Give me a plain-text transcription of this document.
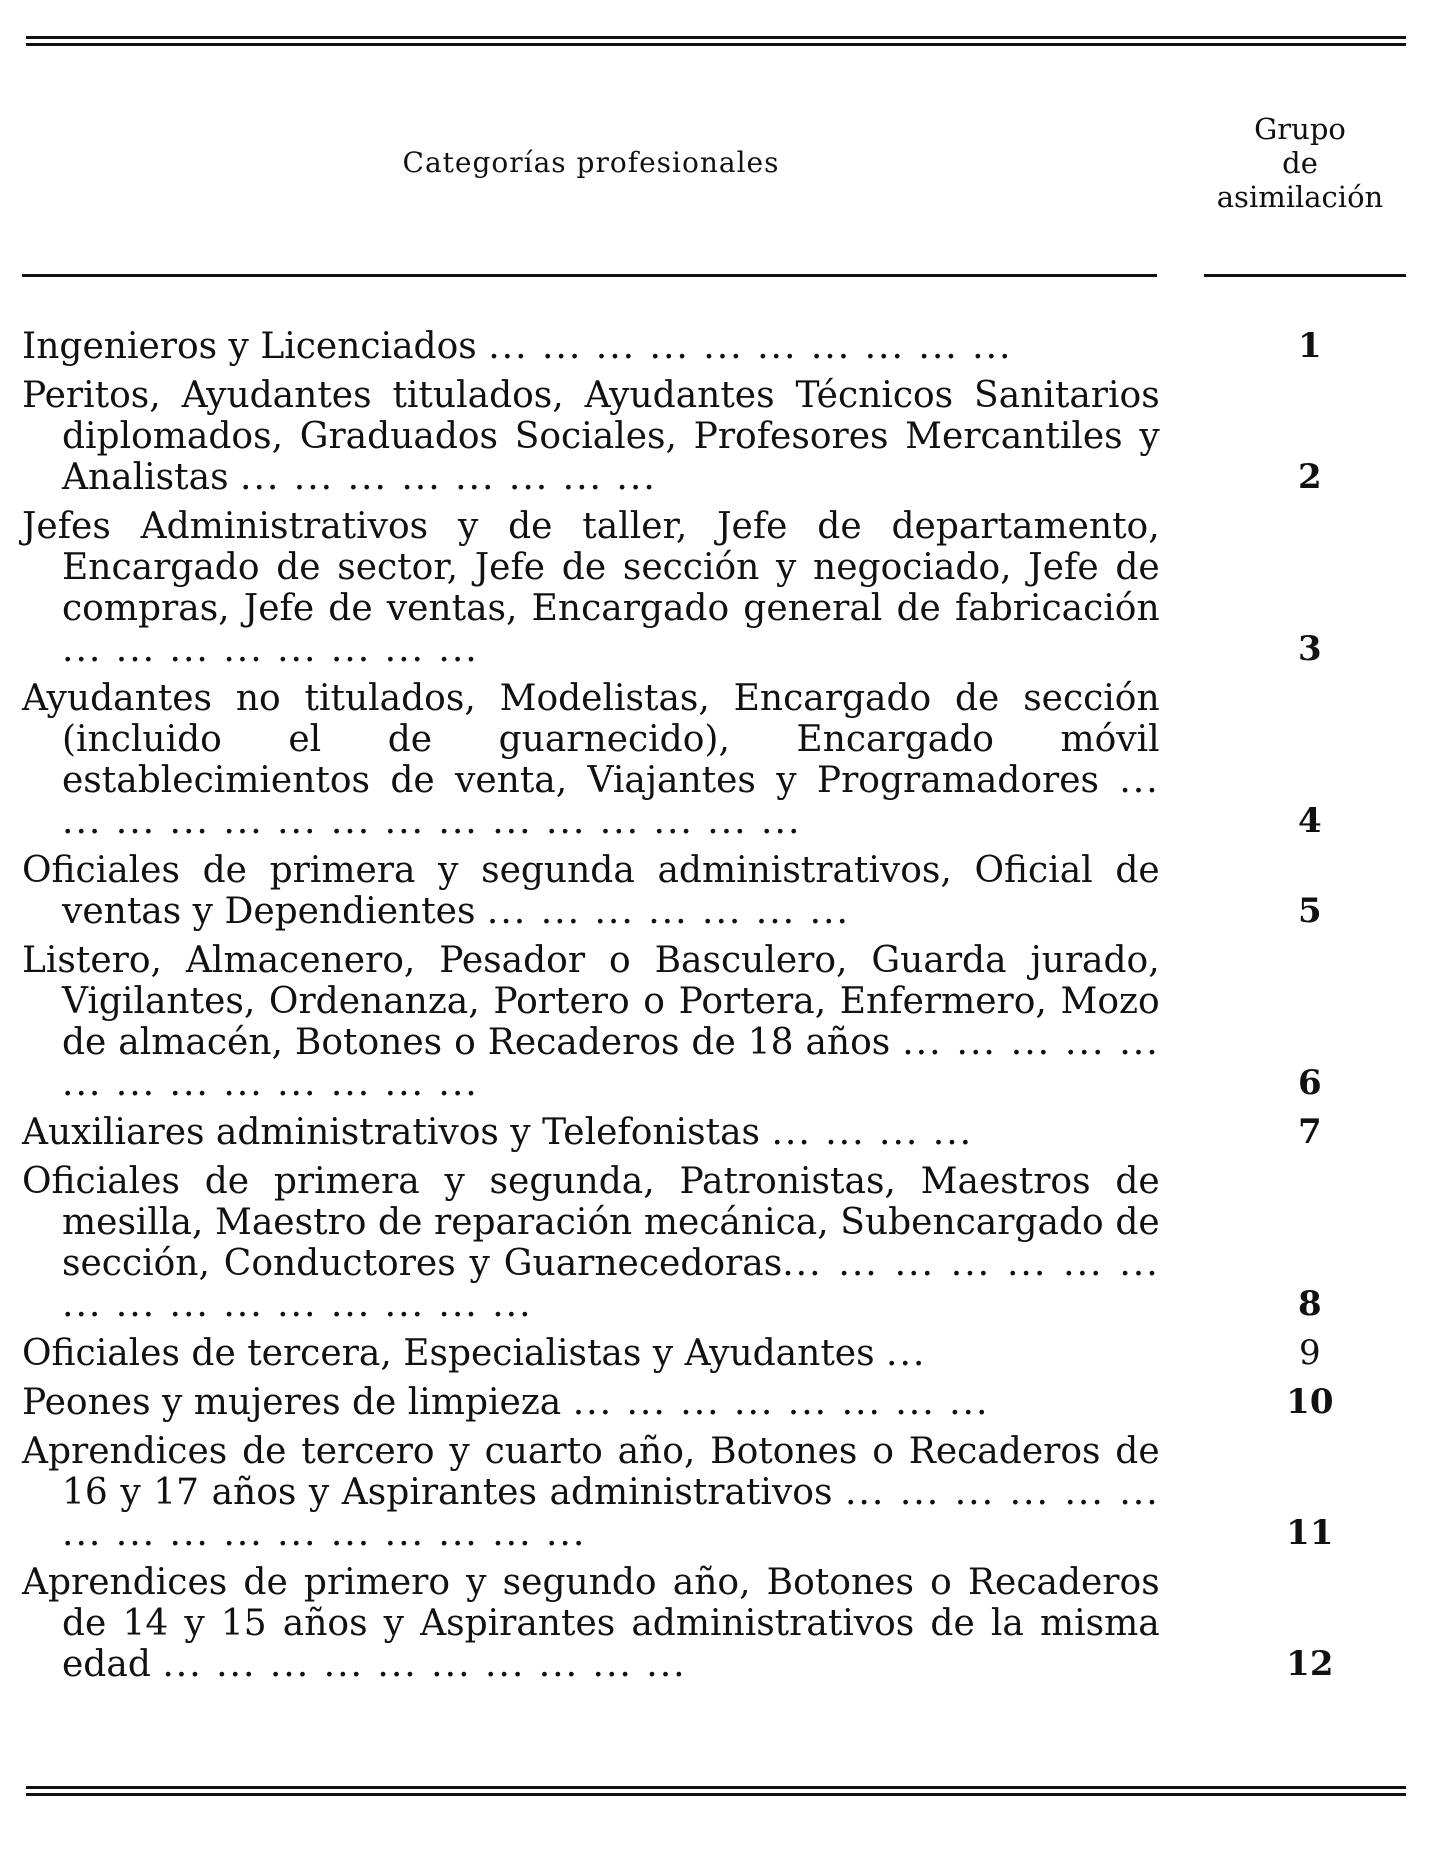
Categorías profesionales
Grupo
de
asimilación
Ingenieros y Licenciados ... ... ... ... ... ... ... ... ... ...	1
Peritos, Ayudantes titulados, Ayudantes Técnicos Sanitarios diplomados, Graduados Sociales, Profesores Mercantiles y Analistas ... ... ... ... ... ... ... ...	2
Jefes Administrativos y de taller, Jefe de departamento, Encargado de sector, Jefe de sección y negociado, Jefe de compras, Jefe de ventas, Encargado general de fabricación ... ... ... ... ... ... ... ...	3
Ayudantes no titulados, Modelistas, Encargado de sección (incluido el de guarnecido), Encargado móvil establecimientos de venta, Viajantes y Programadores ... ... ... ... ... ... ... ... ... ... ... ... ... ... ...	4
Oficiales de primera y segunda administrativos, Oficial de ventas y Dependientes ... ... ... ... ... ... ...	5
Listero, Almacenero, Pesador o Basculero, Guarda jurado, Vigilantes, Ordenanza, Portero o Portera, Enfermero, Mozo de almacén, Botones o Recaderos de 18 años ... ... ... ... ... ... ... ... ... ... ... ... ...	6
Auxiliares administrativos y Telefonistas ... ... ... ...	7
Oficiales de primera y segunda, Patronistas, Maestros de mesilla, Maestro de reparación mecánica, Subencargado de sección, Conductores y Guarnecedoras... ... ... ... ... ... ... ... ... ... ... ... ... ... ... ...	8
Oficiales de tercera, Especialistas y Ayudantes ...	9
Peones y mujeres de limpieza ... ... ... ... ... ... ... ...	10
Aprendices de tercero y cuarto año, Botones o Recaderos de 16 y 17 años y Aspirantes administrativos ... ... ... ... ... ... ... ... ... ... ... ... ... ... ... ...	11
Aprendices de primero y segundo año, Botones o Recaderos de 14 y 15 años y Aspirantes administrativos de la misma edad ... ... ... ... ... ... ... ... ... ...	12
